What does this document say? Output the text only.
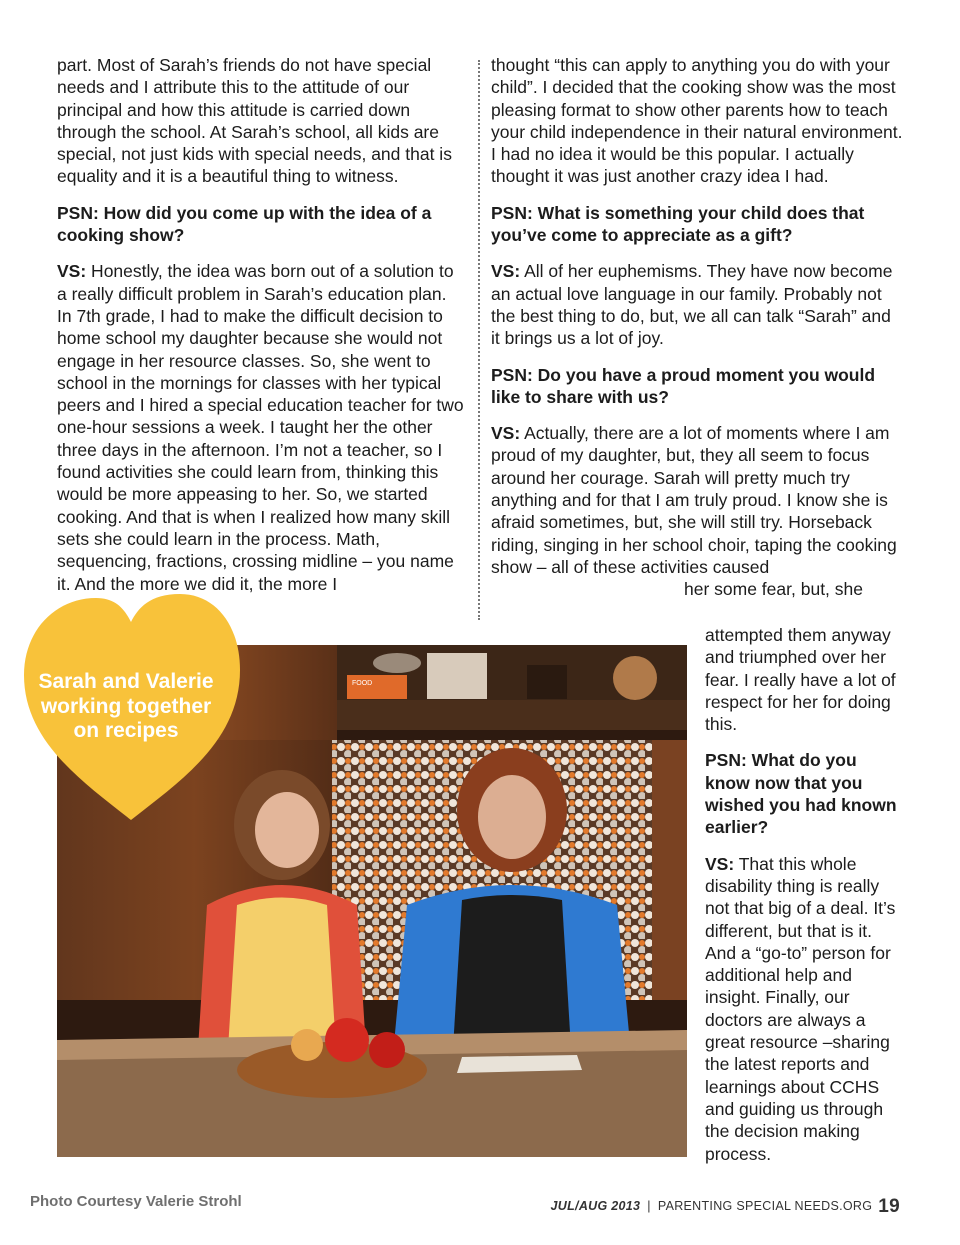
part. Most of Sarah’s friends do not have special needs and I attribute this to the attitude of our principal and how this attitude is carried down through the school. At Sarah’s school, all kids are special, not just kids with special needs, and that is equality and it is a beautiful thing to witness.

PSN: How did you come up with the idea of a cooking show?

VS: Honestly, the idea was born out of a solution to a really difficult problem in Sarah’s education plan. In 7th grade, I had to make the difficult decision to home school my daughter because she would not engage in her resource classes. So, she went to school in the mornings for classes with her typical peers and I hired a special education teacher for two one-hour sessions a week. I taught her the other three days in the afternoon. I’m not a teacher, so I found activities she could learn from, thinking this would be more appeasing to her. So, we started cooking. And that is when I realized how many skill sets she could learn in the process. Math, sequencing, fractions, crossing midline – you name it. And the more we did it, the more I

thought “this can apply to anything you do with your child”. I decided that the cooking show was the most pleasing format to show other parents how to teach your child independence in their natural environment. I had no idea it would be this popular. I actually thought it was just another crazy idea I had.

PSN: What is something your child does that you’ve come to appreciate as a gift?

VS: All of her euphemisms. They have now become an actual love language in our family. Probably not the best thing to do, but, we all can talk “Sarah” and it brings us a lot of joy.

PSN: Do you have a proud moment you would like to share with us?

VS: Actually, there are a lot of moments where I am proud of my daughter, but, they all seem to focus around her courage. Sarah will pretty much try anything and for that I am truly proud. I know she is afraid sometimes, but, she will still try. Horseback riding, singing in her school choir, taping the cooking show – all of these activities caused

her some fear, but, she

attempted them anyway and triumphed over her fear. I really have a lot of respect for her for doing this.

PSN: What do you know now that you wished you had known earlier?

VS: That this whole disability thing is really not that big of a deal. It’s different, but that is it. And a “go-to” person for additional help and insight. Finally, our doctors are always a great resource –sharing the latest reports and learnings about CCHS and guiding us through the decision making process.

FOOD
Sarah and Valerie working together on recipes
Photo Courtesy Valerie Strohl	JUL/AUG 2013 | PARENTING SPECIAL NEEDS.ORG 19
